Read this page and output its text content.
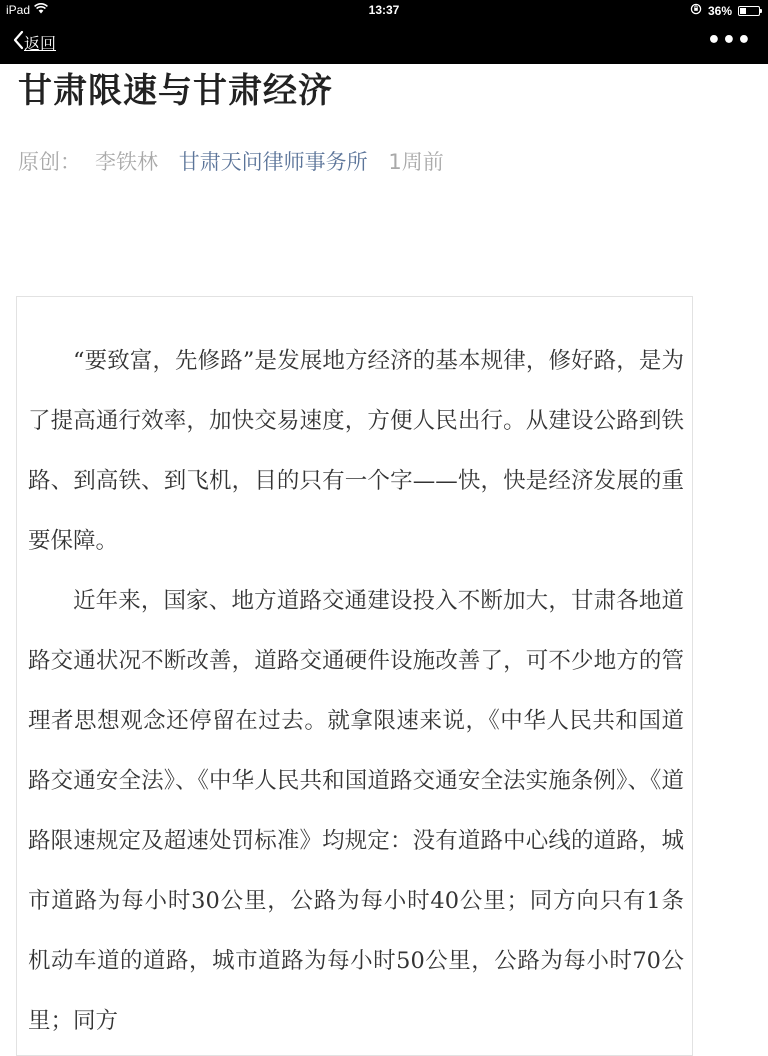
iPad	13:37	36%
返回	•••
甘肃限速与甘肃经济
原创： 李铁林 甘肃天问律师事务所 1周前

“要致富，先修路”是发展地方经济的基本规律，修好路，是为了提高通行效率，加快交易速度，方便人民出行。从建设公路到铁路、到高铁、到飞机，目的只有一个字——快，快是经济发展的重要保障。

近年来，国家、地方道路交通建设投入不断加大，甘肃各地道路交通状况不断改善，道路交通硬件设施改善了，可不少地方的管理者思想观念还停留在过去。就拿限速来说，《中华人民共和国道路交通安全法》、《中华人民共和国道路交通安全法实施条例》、《道路限速规定及超速处罚标准》均规定：没有道路中心线的道路，城市道路为每小时30公里，公路为每小时40公里；同方向只有1条机动车道的道路，城市道路为每小时50公里，公路为每小时70公里；同方
